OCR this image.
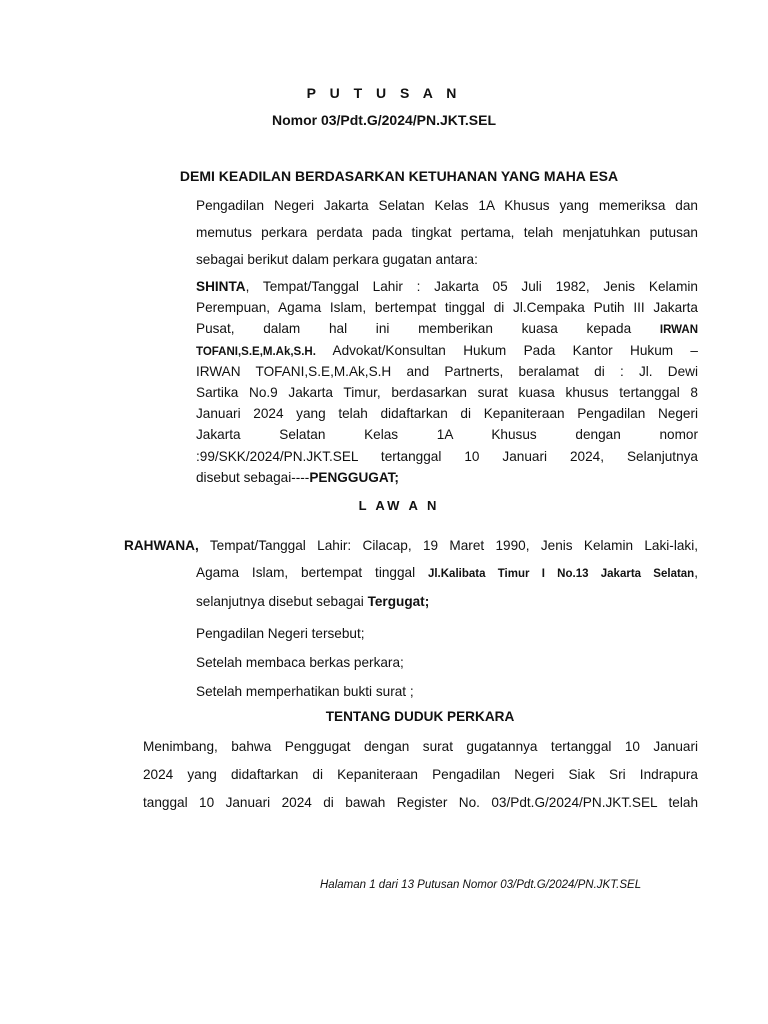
P U T U S A N
Nomor 03/Pdt.G/2024/PN.JKT.SEL
DEMI KEADILAN BERDASARKAN KETUHANAN YANG MAHA ESA
Pengadilan Negeri Jakarta Selatan Kelas 1A Khusus yang memeriksa dan
memutus perkara perdata pada tingkat pertama, telah menjatuhkan putusan
sebagai berikut dalam perkara gugatan antara:
SHINTA, Tempat/Tanggal Lahir : Jakarta 05 Juli 1982, Jenis Kelamin
Perempuan, Agama Islam, bertempat tinggal di Jl.Cempaka Putih III Jakarta
Pusat, dalam hal ini memberikan kuasa kepada IRWAN
TOFANI,S.E,M.Ak,S.H. Advokat/Konsultan Hukum Pada Kantor Hukum –
IRWAN TOFANI,S.E,M.Ak,S.H and Partnerts, beralamat di : Jl. Dewi
Sartika No.9 Jakarta Timur, berdasarkan surat kuasa khusus tertanggal 8
Januari 2024 yang telah didaftarkan di Kepaniteraan Pengadilan Negeri
Jakarta Selatan Kelas 1A Khusus dengan nomor
:99/SKK/2024/PN.JKT.SEL tertanggal 10 Januari 2024, Selanjutnya
disebut sebagai----PENGGUGAT;
L AW A N
RAHWANA, Tempat/Tanggal Lahir: Cilacap, 19 Maret 1990, Jenis Kelamin Laki-laki,
Agama Islam, bertempat tinggal Jl.Kalibata Timur I No.13 Jakarta Selatan,
selanjutnya disebut sebagai Tergugat;
Pengadilan Negeri tersebut;
Setelah membaca berkas perkara;
Setelah memperhatikan bukti surat ;
TENTANG DUDUK PERKARA
Menimbang, bahwa Penggugat dengan surat gugatannya tertanggal 10 Januari
2024 yang didaftarkan di Kepaniteraan Pengadilan Negeri Siak Sri Indrapura
tanggal 10 Januari 2024 di bawah Register No. 03/Pdt.G/2024/PN.JKT.SEL telah
Halaman 1 dari 13 Putusan Nomor 03/Pdt.G/2024/PN.JKT.SEL
